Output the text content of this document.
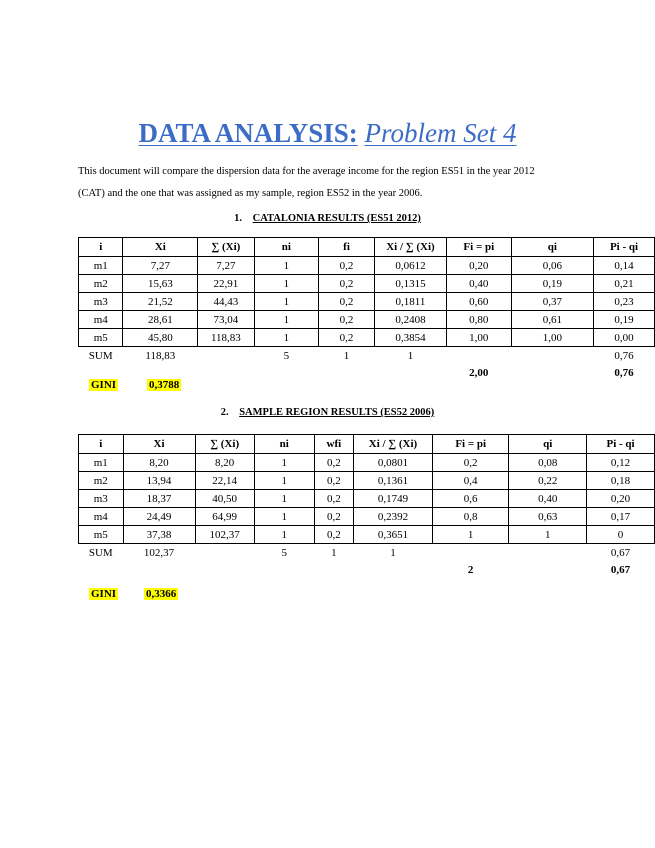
DATA ANALYSIS: Problem Set 4

This document will compare the dispersion data for the average income for the region ES51 in the year 2012

(CAT) and the one that was assigned as my sample, region ES52 in the year 2006.

1. CATALONIA RESULTS (ES51 2012)
i	Xi	∑ (Xi)	ni	fi	Xi / ∑ (Xi)	Fi = pi	qi	Pi - qi
m1	7,27	7,27	1	0,2	0,0612	0,20	0,06	0,14
m2	15,63	22,91	1	0,2	0,1315	0,40	0,19	0,21
m3	21,52	44,43	1	0,2	0,1811	0,60	0,37	0,23
m4	28,61	73,04	1	0,2	0,2408	0,80	0,61	0,19
m5	45,80	118,83	1	0,2	0,3854	1,00	1,00	0,00
SUM	118,83		5	1	1			0,76
						2,00		0,76
GINI	0,3788
2. SAMPLE REGION RESULTS (ES52 2006)
i	Xi	∑ (Xi)	ni	wfi	Xi / ∑ (Xi)	Fi = pi	qi	Pi - qi
m1	8,20	8,20	1	0,2	0,0801	0,2	0,08	0,12
m2	13,94	22,14	1	0,2	0,1361	0,4	0,22	0,18
m3	18,37	40,50	1	0,2	0,1749	0,6	0,40	0,20
m4	24,49	64,99	1	0,2	0,2392	0,8	0,63	0,17
m5	37,38	102,37	1	0,2	0,3651	1	1	0
SUM	102,37		5	1	1			0,67
						2		0,67
GINI	0,3366
